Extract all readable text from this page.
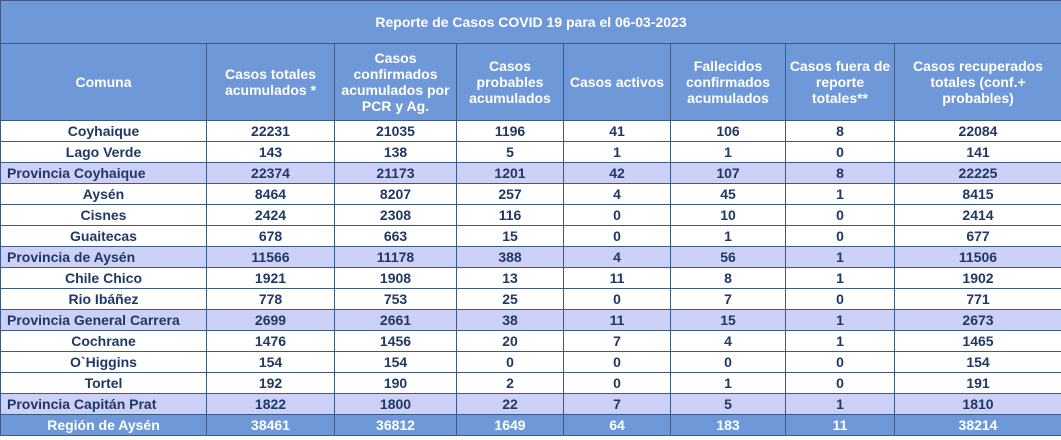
Reporte de Casos COVID 19 para el 06-03-2023							
Comuna	Casos totales acumulados *	Casos confirmados acumulados por PCR y Ag.	Casos probables acumulados	Casos activos	Fallecidos confirmados acumulados	Casos fuera de reporte totales**	Casos recuperados totales (conf.+ probables)
Coyhaique	22231	21035	1196	41	106	8	22084
Lago Verde	143	138	5	1	1	0	141
Provincia Coyhaique	22374	21173	1201	42	107	8	22225
Aysén	8464	8207	257	4	45	1	8415
Cisnes	2424	2308	116	0	10	0	2414
Guaitecas	678	663	15	0	1	0	677
Provincia de Aysén	11566	11178	388	4	56	1	11506
Chile Chico	1921	1908	13	11	8	1	1902
Rio Ibáñez	778	753	25	0	7	0	771
Provincia General Carrera	2699	2661	38	11	15	1	2673
Cochrane	1476	1456	20	7	4	1	1465
O`Higgins	154	154	0	0	0	0	154
Tortel	192	190	2	0	1	0	191
Provincia Capitán Prat	1822	1800	22	7	5	1	1810
Región de Aysén	38461	36812	1649	64	183	11	38214
